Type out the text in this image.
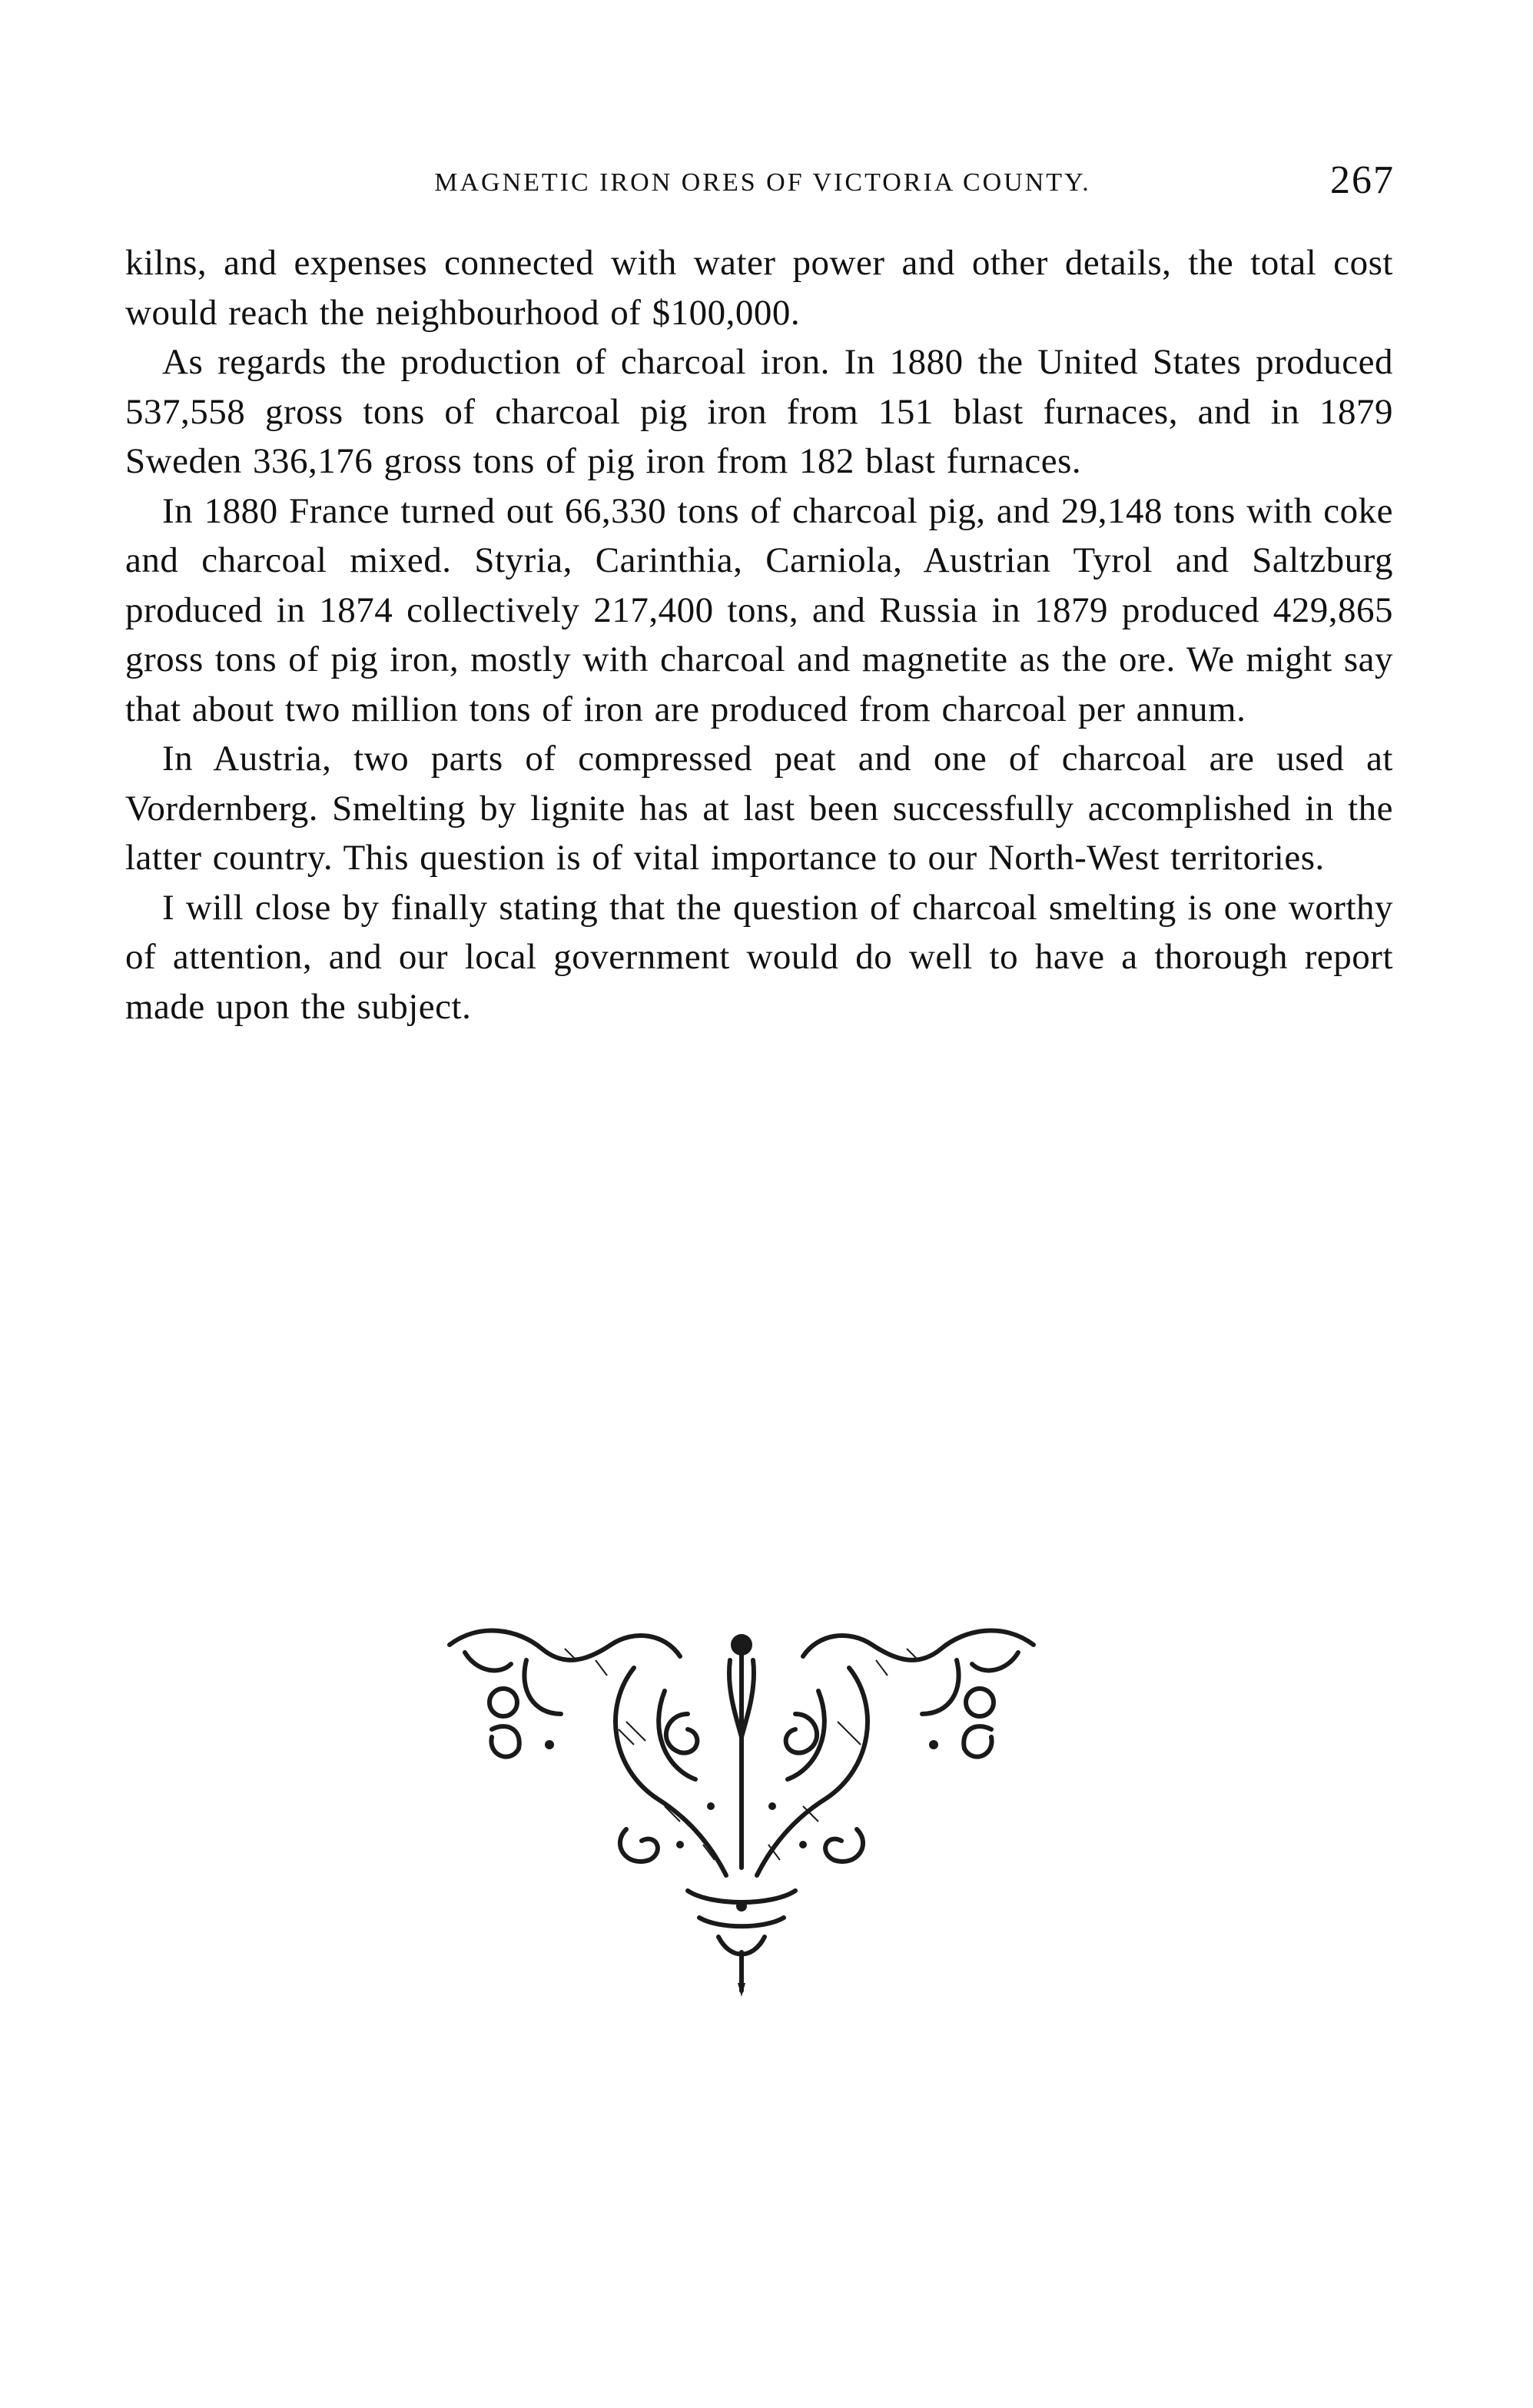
MAGNETIC IRON ORES OF VICTORIA COUNTY.	267

kilns, and expenses connected with water power and other details, the total cost would reach the neighbourhood of $100,000.

As regards the production of charcoal iron. In 1880 the United States produced 537,558 gross tons of charcoal pig iron from 151 blast furnaces, and in 1879 Sweden 336,176 gross tons of pig iron from 182 blast furnaces.

In 1880 France turned out 66,330 tons of charcoal pig, and 29,148 tons with coke and charcoal mixed. Styria, Carinthia, Carniola, Austrian Tyrol and Saltzburg produced in 1874 collectively 217,400 tons, and Russia in 1879 produced 429,865 gross tons of pig iron, mostly with charcoal and magnetite as the ore. We might say that about two million tons of iron are produced from charcoal per annum.

In Austria, two parts of compressed peat and one of charcoal are used at Vordernberg. Smelting by lignite has at last been successfully accomplished in the latter country. This question is of vital importance to our North-West territories.

I will close by finally stating that the question of charcoal smelting is one worthy of attention, and our local government would do well to have a thorough report made upon the subject.
